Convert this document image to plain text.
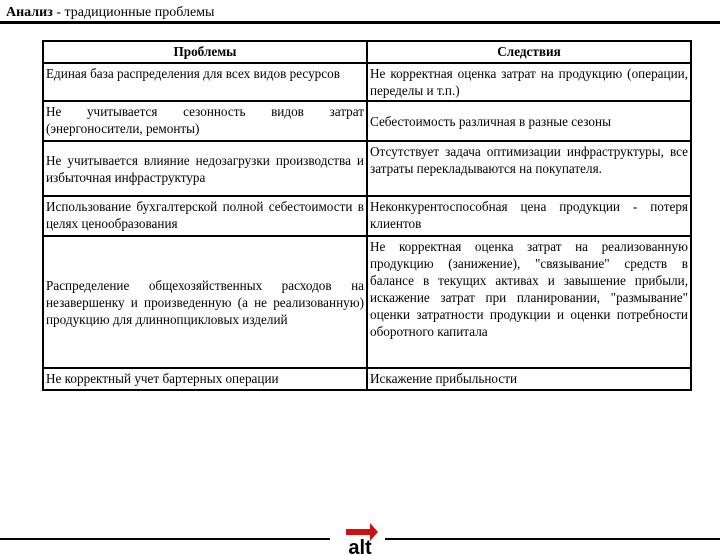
Анализ - традиционные проблемы
Проблемы	Следствия
Единая база распределения для всех видов ресурсов	Не корректная оценка затрат на продукцию (операции, переделы и т.п.)
Не учитывается сезонность видов затрат (энергоносители, ремонты)	Себестоимость различная в разные сезоны
Не учитывается влияние недозагрузки производства и избыточная инфраструктура	Отсутствует задача оптимизации инфраструктуры, все затраты перекладываются на покупателя.
Использование бухгалтерской полной себестоимости в целях ценообразования	Неконкурентоспособная цена продукции - потеря клиентов
Распределение общехозяйственных расходов на незавершенку и произведенную (а не реализованную) продукцию для длиннопцикловых изделий	Не корректная оценка затрат на реализованную продукцию (занижение), "связывание" средств в балансе в текущих активах и завышение прибыли, искажение затрат при планировании, "размывание" оценки затратности продукции и оценки потребности оборотного капитала
Не корректный учет бартерных операции	Искажение прибыльности
alt
